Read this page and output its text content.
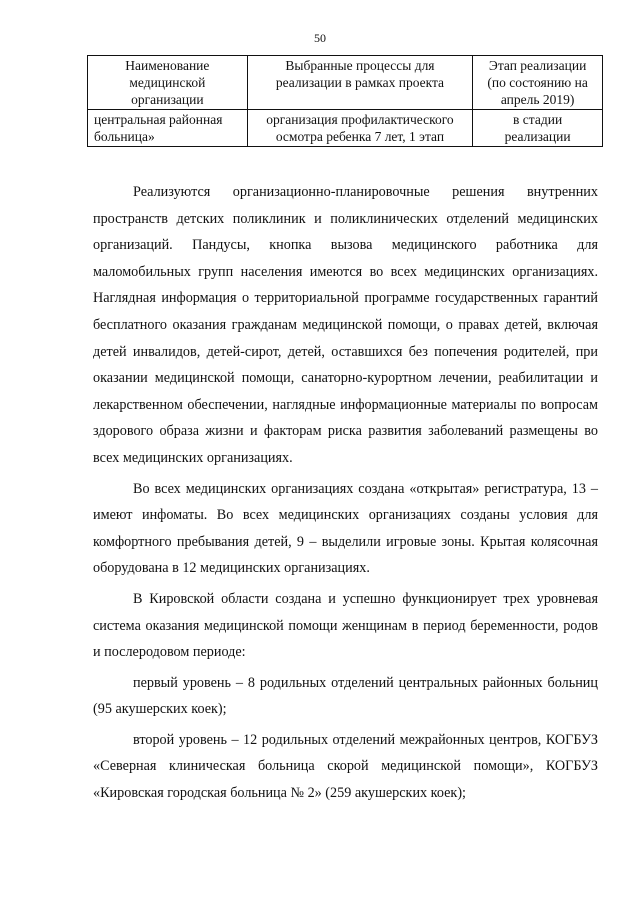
50
Наименование медицинской организации	Выбранные процессы для реализации в рамках проекта	Этап реализации (по состоянию на апрель 2019)
центральная районная больница»	организация профилактического осмотра ребенка 7 лет, 1 этап	в стадии реализации

Реализуются организационно-планировочные решения внутренних пространств детских поликлиник и поликлинических отделений медицинских организаций. Пандусы, кнопка вызова медицинского работника для маломобильных групп населения имеются во всех медицинских организациях. Наглядная информация о территориальной программе государственных гарантий бесплатного оказания гражданам медицинской помощи, о правах детей, включая детей инвалидов, детей-сирот, детей, оставшихся без попечения родителей, при оказании медицинской помощи, санаторно-курортном лечении, реабилитации и лекарственном обеспечении, наглядные информационные материалы по вопросам здорового образа жизни и факторам риска развития заболеваний размещены во всех медицинских организациях.

Во всех медицинских организациях создана «открытая» регистратура, 13 – имеют инфоматы. Во всех медицинских организациях созданы условия для комфортного пребывания детей, 9 – выделили игровые зоны. Крытая колясочная оборудована в 12 медицинских организациях.

В Кировской области создана и успешно функционирует трех уровневая система оказания медицинской помощи женщинам в период беременности, родов и послеродовом периоде:

первый уровень – 8 родильных отделений центральных районных больниц (95 акушерских коек);

второй уровень – 12 родильных отделений межрайонных центров, КОГБУЗ «Северная клиническая больница скорой медицинской помощи», КОГБУЗ «Кировская городская больница № 2» (259 акушерских коек);
